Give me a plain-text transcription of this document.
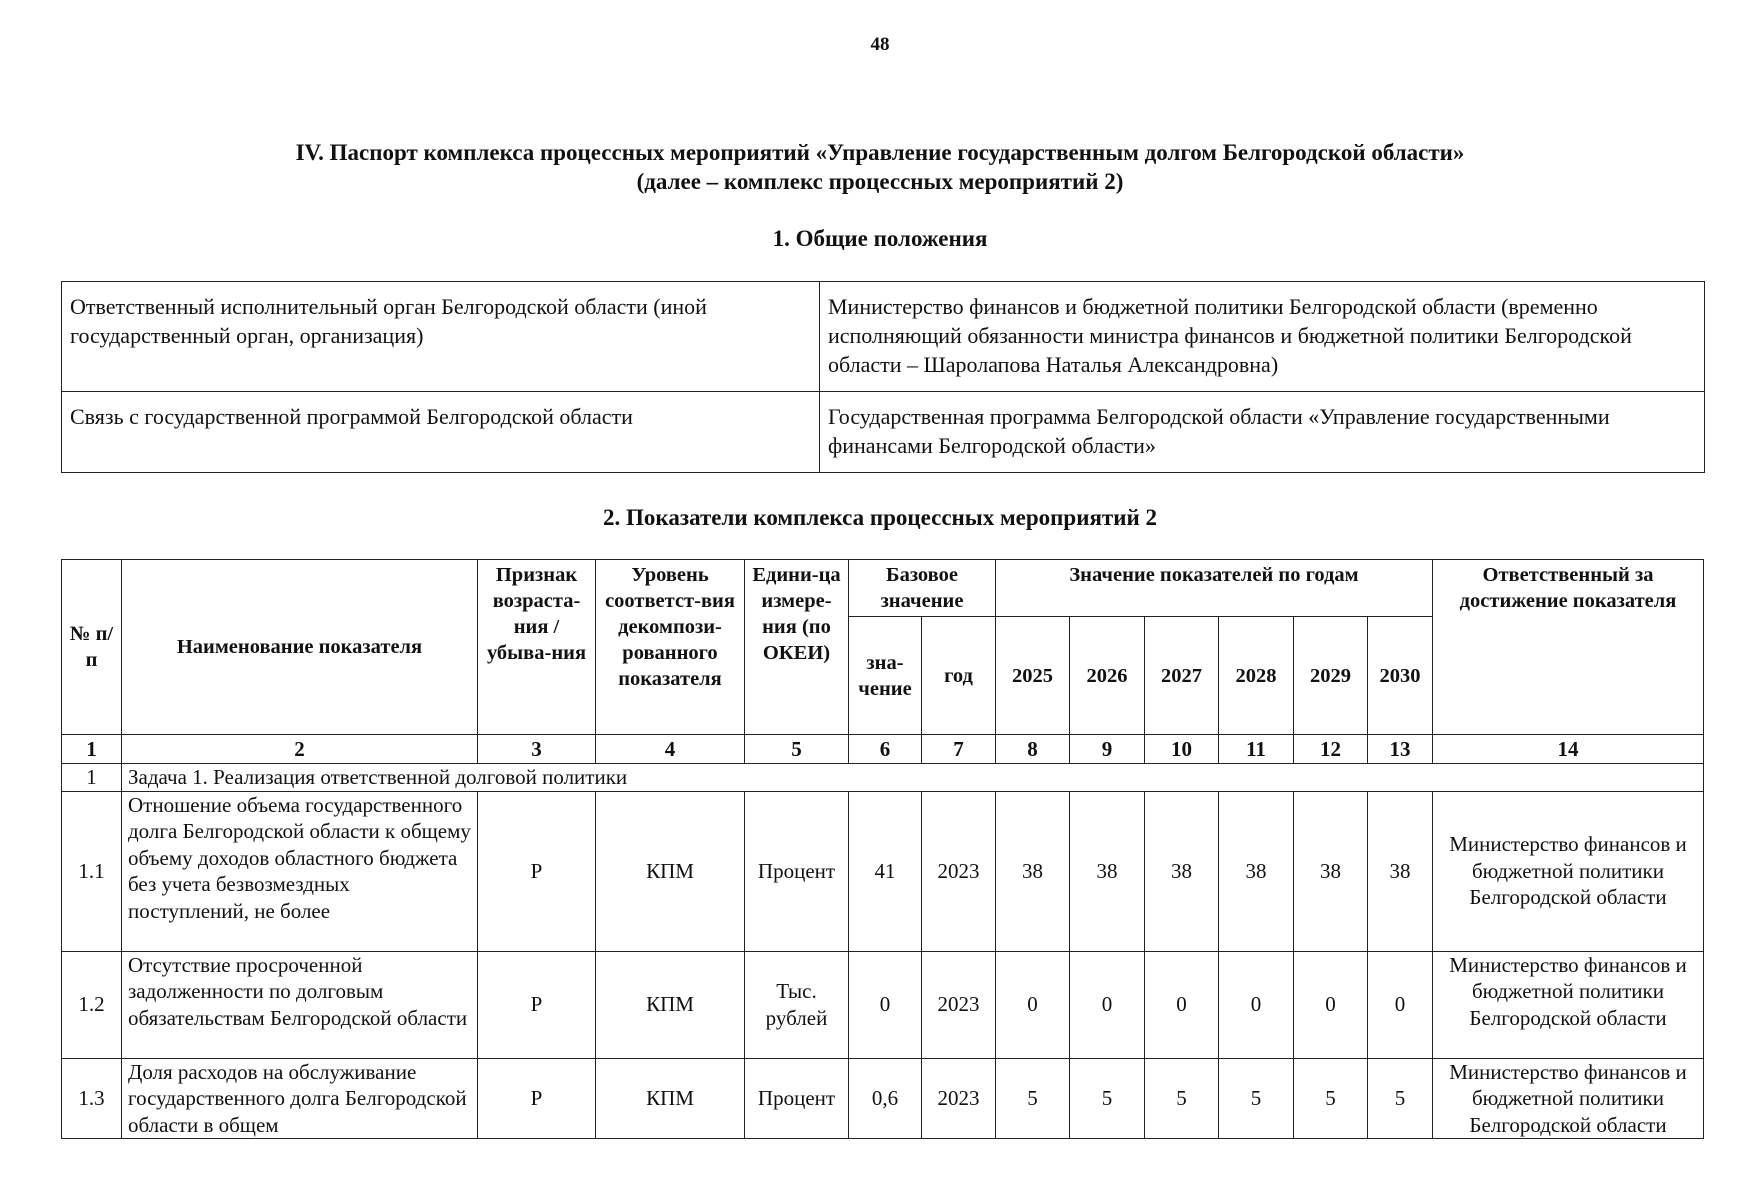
48
IV. Паспорт комплекса процессных мероприятий «Управление государственным долгом Белгородской области»
(далее – комплекс процессных мероприятий 2)
1. Общие положения
Ответственный исполнительный орган Белгородской области (иной государственный орган, организация)	Министерство финансов и бюджетной политики Белгородской области (временно исполняющий обязанности министра финансов и бюджетной политики Белгородской области – Шаролапова Наталья Александровна)
Связь с государственной программой Белгородской области	Государственная программа Белгородской области «Управление государственными финансами Белгородской области»
2. Показатели комплекса процессных мероприятий 2
№ п/п	Наименование показателя	Признак возраста-ния / убыва-ния	Уровень соответст-вия декомпози-рованного показателя	Едини-ца измере-ния (по ОКЕИ)	Базовое значение		Значение показателей по годам						Ответственный за достижение показателя
					зна-чение	год	2025	2026	2027	2028	2029	2030	
1	2	3	4	5	6	7	8	9	10	11	12	13	14
1	Задача 1. Реализация ответственной долговой политики												
1.1	Отношение объема государственного долга Белгородской области к общему объему доходов областного бюджета без учета безвозмездных поступлений, не более	Р	КПМ	Процент	41	2023	38	38	38	38	38	38	Министерство финансов и бюджетной политики Белгородской области
1.2	Отсутствие просроченной задолженности по долговым обязательствам Белгородской области	Р	КПМ	Тыс. рублей	0	2023	0	0	0	0	0	0	Министерство финансов и бюджетной политики Белгородской области
1.3	Доля расходов на обслуживание государственного долга Белгородской области в общем	Р	КПМ	Процент	0,6	2023	5	5	5	5	5	5	Министерство финансов и бюджетной политики Белгородской области
